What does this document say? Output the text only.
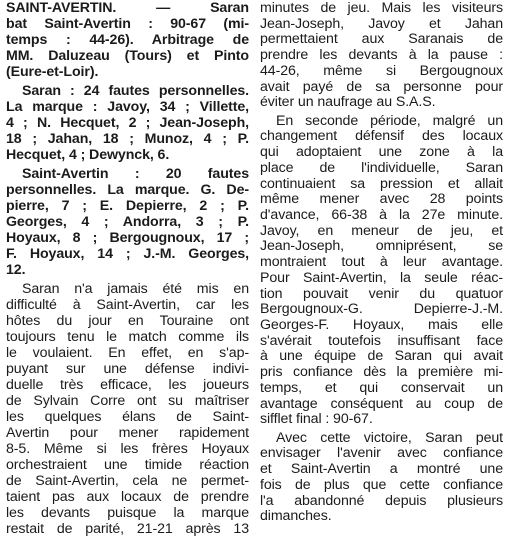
SAINT-AVERTIN. — Saran
bat Saint-Avertin : 90-67 (mi-
temps : 44-26). Arbitrage de
MM. Daluzeau (Tours) et Pinto
(Eure-et-Loir).
Saran : 24 fautes personnelles.
La marque : Javoy, 34 ; Villette,
4 ; N. Hecquet, 2 ; Jean-Joseph,
18 ; Jahan, 18 ; Munoz, 4 ; P.
Hecquet, 4 ; Dewynck, 6.
Saint-Avertin : 20 fautes
personnelles. La marque. G. De-
pierre, 7 ; E. Depierre, 2 ; P.
Georges, 4 ; Andorra, 3 ; P.
Hoyaux, 8 ; Bergougnoux, 17 ;
F. Hoyaux, 14 ; J.-M. Georges,
12.
Saran n'a jamais été mis en
difficulté à Saint-Avertin, car les
hôtes du jour en Touraine ont
toujours tenu le match comme ils
le voulaient. En effet, en s'ap-
puyant sur une défense indivi-
duelle très efficace, les joueurs
de Sylvain Corre ont su maîtriser
les quelques élans de Saint-
Avertin pour mener rapidement
8-5. Même si les frères Hoyaux
orchestraient une timide réaction
de Saint-Avertin, cela ne permet-
taient pas aux locaux de prendre
les devants puisque la marque
restait de parité, 21-21 après 13
minutes de jeu. Mais les visiteurs
Jean-Joseph, Javoy et Jahan
permettaient aux Saranais de
prendre les devants à la pause :
44-26, même si Bergougnoux
avait payé de sa personne pour
éviter un naufrage au S.A.S.
En seconde période, malgré un
changement défensif des locaux
qui adoptaient une zone à la
place de l'individuelle, Saran
continuaient sa pression et allait
même mener avec 28 points
d'avance, 66-38 à la 27e minute.
Javoy, en meneur de jeu, et
Jean-Joseph, omniprésent, se
montraient tout à leur avantage.
Pour Saint-Avertin, la seule réac-
tion pouvait venir du quatuor
Bergougnoux-G. Depierre-J.-M.
Georges-F. Hoyaux, mais elle
s'avérait toutefois insuffisant face
à une équipe de Saran qui avait
pris confiance dès la première mi-
temps, et qui conservait un
avantage conséquent au coup de
sifflet final : 90-67.
Avec cette victoire, Saran peut
envisager l'avenir avec confiance
et Saint-Avertin a montré une
fois de plus que cette confiance
l'a abandonné depuis plusieurs
dimanches.
